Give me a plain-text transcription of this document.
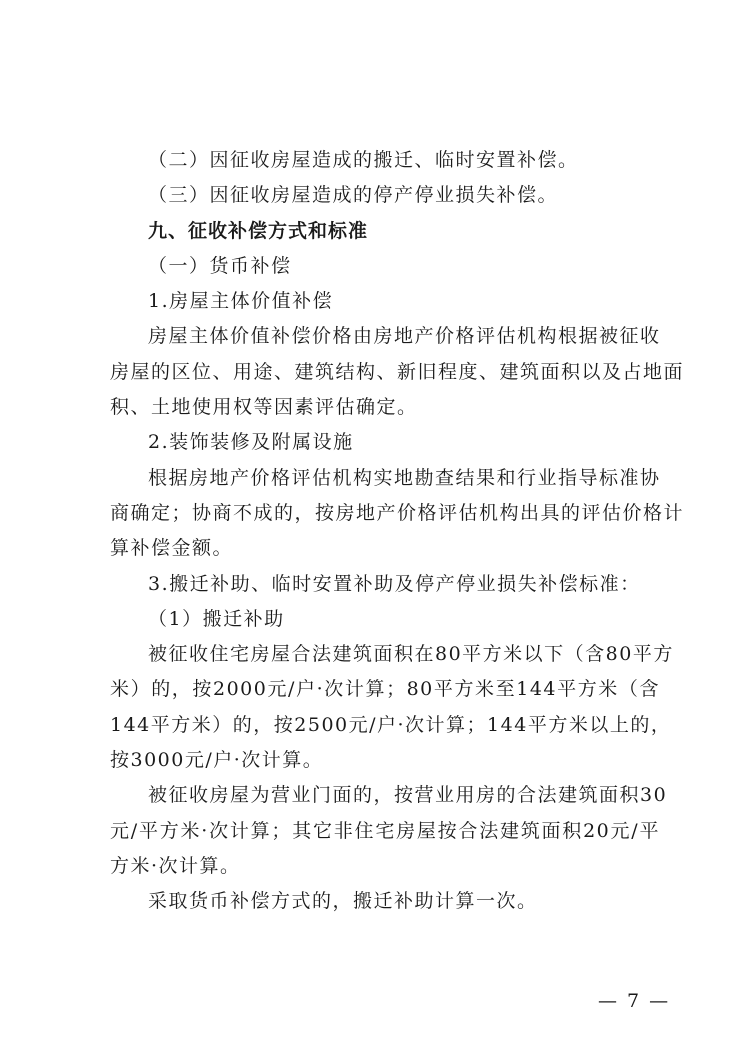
（二）因征收房屋造成的搬迁、临时安置补偿。

（三）因征收房屋造成的停产停业损失补偿。

九、征收补偿方式和标准

（一）货币补偿

1.房屋主体价值补偿

房屋主体价值补偿价格由房地产价格评估机构根据被征收

房屋的区位、用途、建筑结构、新旧程度、建筑面积以及占地面

积、土地使用权等因素评估确定。

2.装饰装修及附属设施

根据房地产价格评估机构实地勘查结果和行业指导标准协

商确定；协商不成的，按房地产价格评估机构出具的评估价格计

算补偿金额。

3.搬迁补助、临时安置补助及停产停业损失补偿标准：

（1）搬迁补助

被征收住宅房屋合法建筑面积在80平方米以下（含80平方

米）的，按2000元/户·次计算；80平方米至144平方米（含

144平方米）的，按2500元/户·次计算；144平方米以上的，

按3000元/户·次计算。

被征收房屋为营业门面的，按营业用房的合法建筑面积30

元/平方米·次计算；其它非住宅房屋按合法建筑面积20元/平

方米·次计算。

采取货币补偿方式的，搬迁补助计算一次。

— 7 —
